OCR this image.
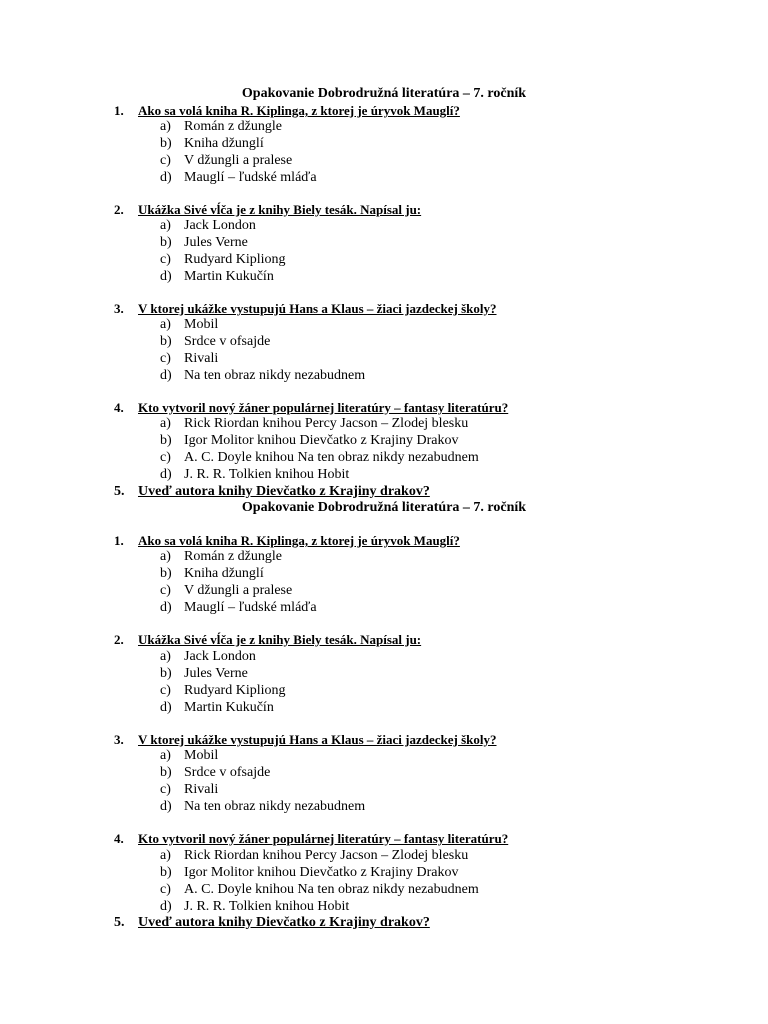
Opakovanie Dobrodružná literatúra – 7. ročník
1. Ako sa volá kniha R. Kiplinga, z ktorej je úryvok Mauglí?
a) Román z džungle
b) Kniha džunglí
c) V džungli a pralese
d) Mauglí – ľudské mláďa
2. Ukážka Sivé vĺča je z knihy Biely tesák. Napísal ju:
a) Jack London
b) Jules Verne
c) Rudyard Kipliong
d) Martin Kukučín
3. V ktorej ukážke vystupujú Hans a Klaus – žiaci jazdeckej školy?
a) Mobil
b) Srdce v ofsajde
c) Rivali
d) Na ten obraz nikdy nezabudnem
4. Kto vytvoril nový žáner populárnej literatúry – fantasy literatúru?
a) Rick Riordan knihou Percy Jacson – Zlodej blesku
b) Igor Molitor knihou Dievčatko z Krajiny Drakov
c) A. C. Doyle knihou Na ten obraz nikdy nezabudnem
d) J. R. R. Tolkien knihou Hobit
5. Uveď autora knihy Dievčatko z Krajiny drakov?
Opakovanie Dobrodružná literatúra – 7. ročník
1. Ako sa volá kniha R. Kiplinga, z ktorej je úryvok Mauglí?
a) Román z džungle
b) Kniha džunglí
c) V džungli a pralese
d) Mauglí – ľudské mláďa
2. Ukážka Sivé vĺča je z knihy Biely tesák. Napísal ju:
a) Jack London
b) Jules Verne
c) Rudyard Kipliong
d) Martin Kukučín
3. V ktorej ukážke vystupujú Hans a Klaus – žiaci jazdeckej školy?
a) Mobil
b) Srdce v ofsajde
c) Rivali
d) Na ten obraz nikdy nezabudnem
4. Kto vytvoril nový žáner populárnej literatúry – fantasy literatúru?
a) Rick Riordan knihou Percy Jacson – Zlodej blesku
b) Igor Molitor knihou Dievčatko z Krajiny Drakov
c) A. C. Doyle knihou Na ten obraz nikdy nezabudnem
d) J. R. R. Tolkien knihou Hobit
5. Uveď autora knihy Dievčatko z Krajiny drakov?
